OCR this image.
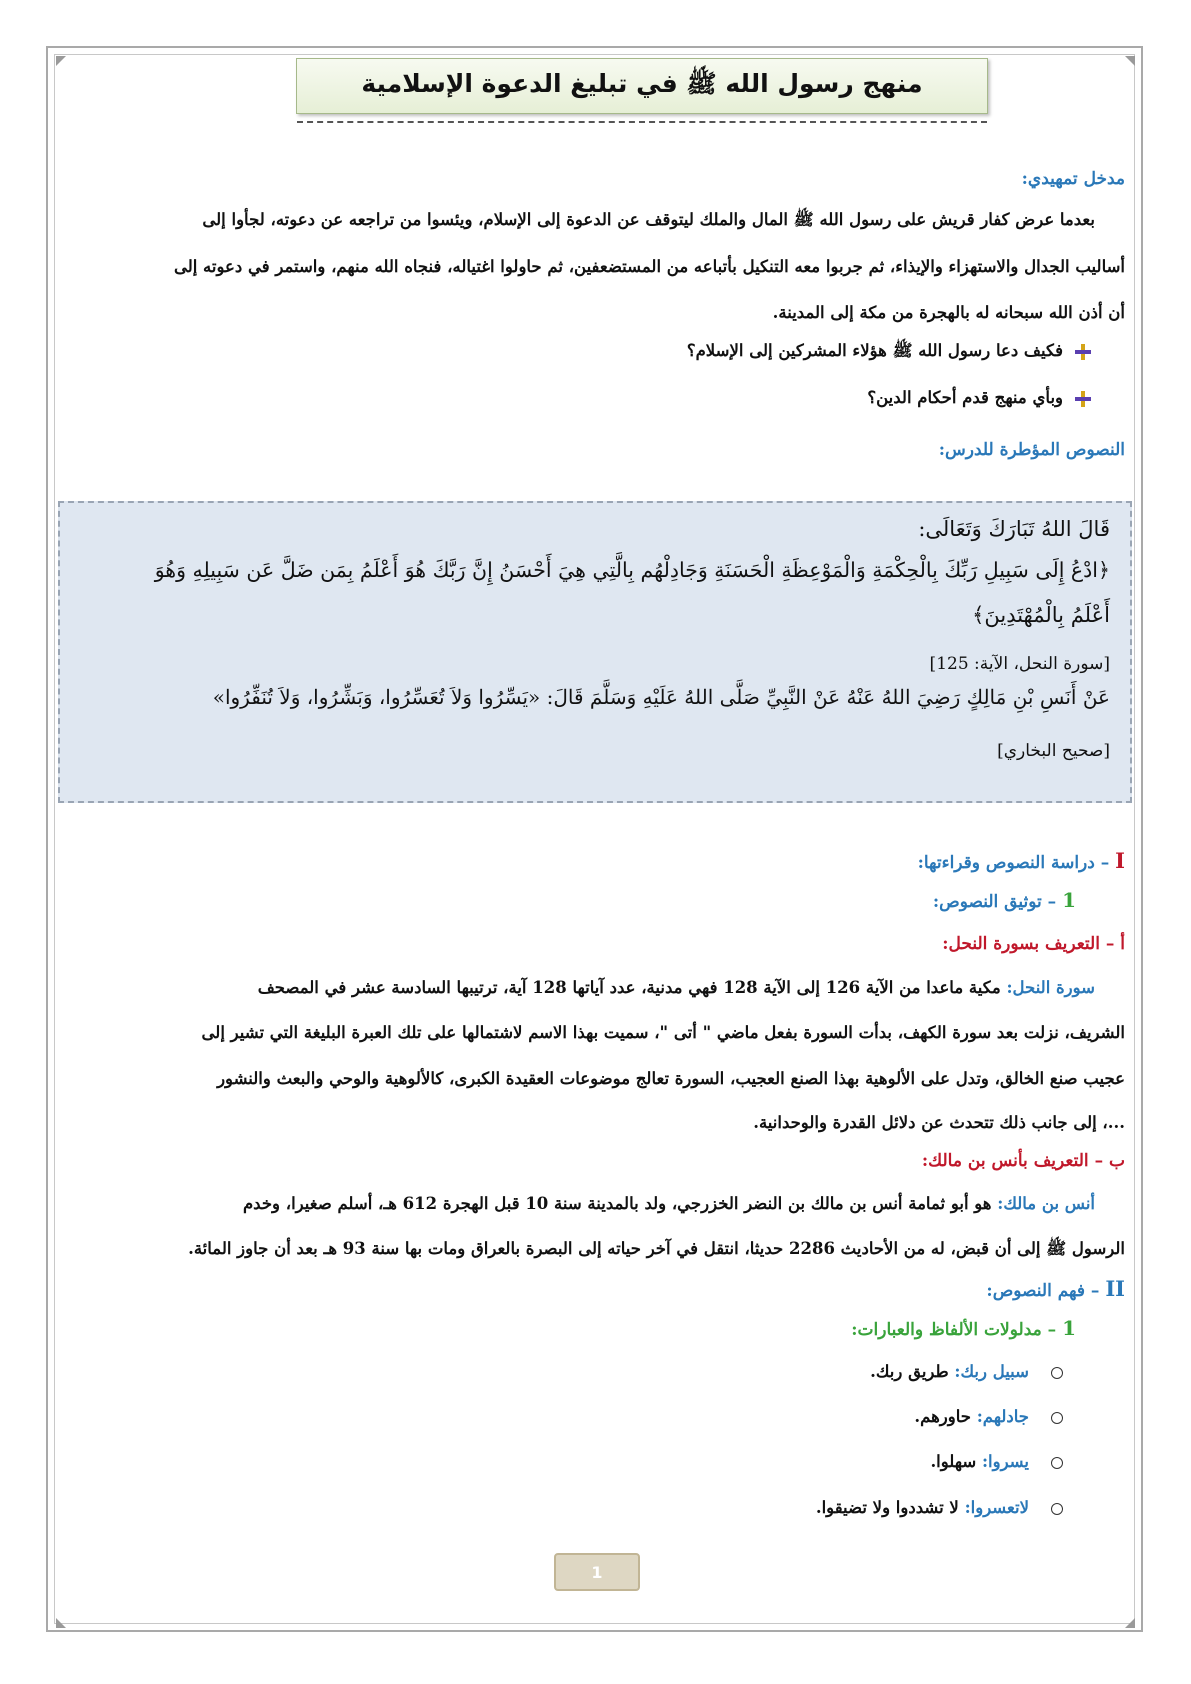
منهج رسول الله ﷺ في تبليغ الدعوة الإسلامية
مدخل تمهيدي:
بعدما عرض كفار قريش على رسول الله ﷺ المال والملك ليتوقف عن الدعوة إلى الإسلام، ويئسوا من تراجعه عن دعوته، لجأوا إلى
أساليب الجدال والاستهزاء والإيذاء، ثم جربوا معه التنكيل بأتباعه من المستضعفين، ثم حاولوا اغتياله، فنجاه الله منهم، واستمر في دعوته إلى
أن أذن الله سبحانه له بالهجرة من مكة إلى المدينة.
فكيف دعا رسول الله ﷺ هؤلاء المشركين إلى الإسلام؟
وبأي منهج قدم أحكام الدين؟
النصوص المؤطرة للدرس:
قَالَ اللهُ تَبَارَكَ وَتَعَالَى:
﴿ادْعُ إِلَى سَبِيلِ رَبِّكَ بِالْحِكْمَةِ وَالْمَوْعِظَةِ الْحَسَنَةِ وَجَادِلْهُم بِالَّتِي هِيَ أَحْسَنُ إِنَّ رَبَّكَ هُوَ أَعْلَمُ بِمَن ضَلَّ عَن سَبِيلِهِ وَهُوَ
أَعْلَمُ بِالْمُهْتَدِينَ﴾
[سورة النحل، الآية: 125]
عَنْ أَنَسِ بْنِ مَالِكٍ رَضِيَ اللهُ عَنْهُ عَنْ النَّبِيِّ صَلَّى اللهُ عَلَيْهِ وَسَلَّمَ قَالَ: «يَسِّرُوا وَلاَ تُعَسِّرُوا، وَبَشِّرُوا، وَلاَ تُنَفِّرُوا»
[صحيح البخاري]
I – دراسة النصوص وقراءتها:
1 – توثيق النصوص:
أ – التعريف بسورة النحل:
سورة النحل: مكية ماعدا من الآية 126 إلى الآية 128 فهي مدنية، عدد آياتها 128 آية، ترتيبها السادسة عشر في المصحف
الشريف، نزلت بعد سورة الكهف، بدأت السورة بفعل ماضي " أتى "، سميت بهذا الاسم لاشتمالها على تلك العبرة البليغة التي تشير إلى
عجيب صنع الخالق، وتدل على الألوهية بهذا الصنع العجيب، السورة تعالج موضوعات العقيدة الكبرى، كالألوهية والوحي والبعث والنشور
...، إلى جانب ذلك تتحدث عن دلائل القدرة والوحدانية.
ب – التعريف بأنس بن مالك:
أنس بن مالك: هو أبو ثمامة أنس بن مالك بن النضر الخزرجي، ولد بالمدينة سنة 10 قبل الهجرة 612 هـ، أسلم صغيرا، وخدم
الرسول ﷺ إلى أن قبض، له من الأحاديث 2286 حديثا، انتقل في آخر حياته إلى البصرة بالعراق ومات بها سنة 93 هـ بعد أن جاوز المائة.
II – فهم النصوص:
1 – مدلولات الألفاظ والعبارات:
سبيل ربك: طريق ربك.
جادلهم: حاورهم.
يسروا: سهلوا.
لاتعسروا: لا تشددوا ولا تضيقوا.
1
